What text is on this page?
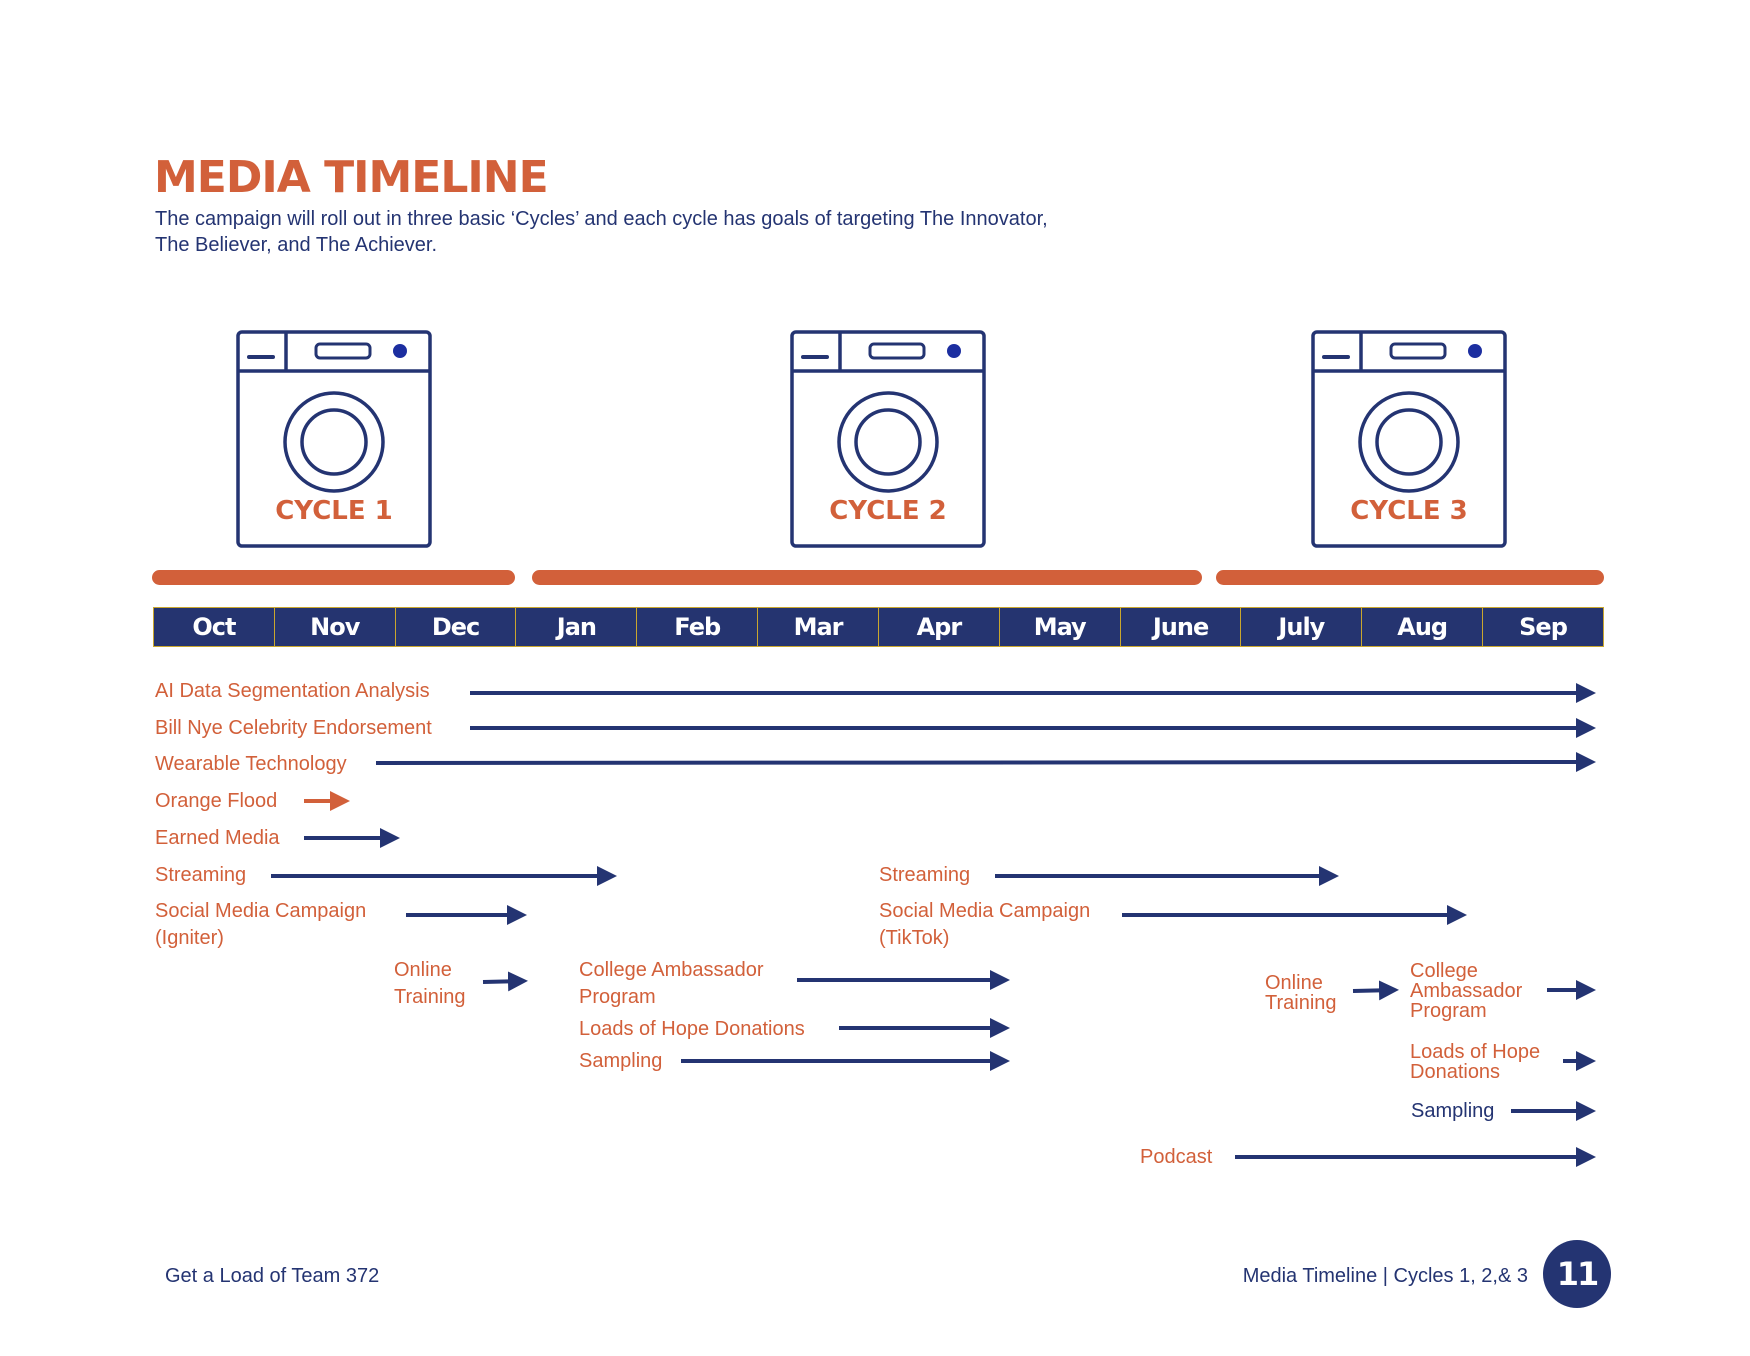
MEDIA TIMELINE

The campaign will roll out in three basic ‘Cycles’ and each cycle has goals of targeting The Innovator, The Believer, and The Achiever.

CYCLE 1	CYCLE 2	CYCLE 3
Oct	Nov	Dec	Jan	Feb	Mar	Apr	May	June	July	Aug	Sep

AI Data Segmentation Analysis

Bill Nye Celebrity Endorsement

Wearable Technology

Orange Flood

Earned Media

Streaming

Social Media Campaign
(Igniter)

Online
Training

College Ambassador
Program

Loads of Hope Donations

Sampling

Streaming

Social Media Campaign
(TikTok)

Online
Training

College
Ambassador
Program

Loads of Hope
Donations

Sampling

Podcast

Get a Load of Team 372	Media Timeline | Cycles 1, 2,& 3 11
